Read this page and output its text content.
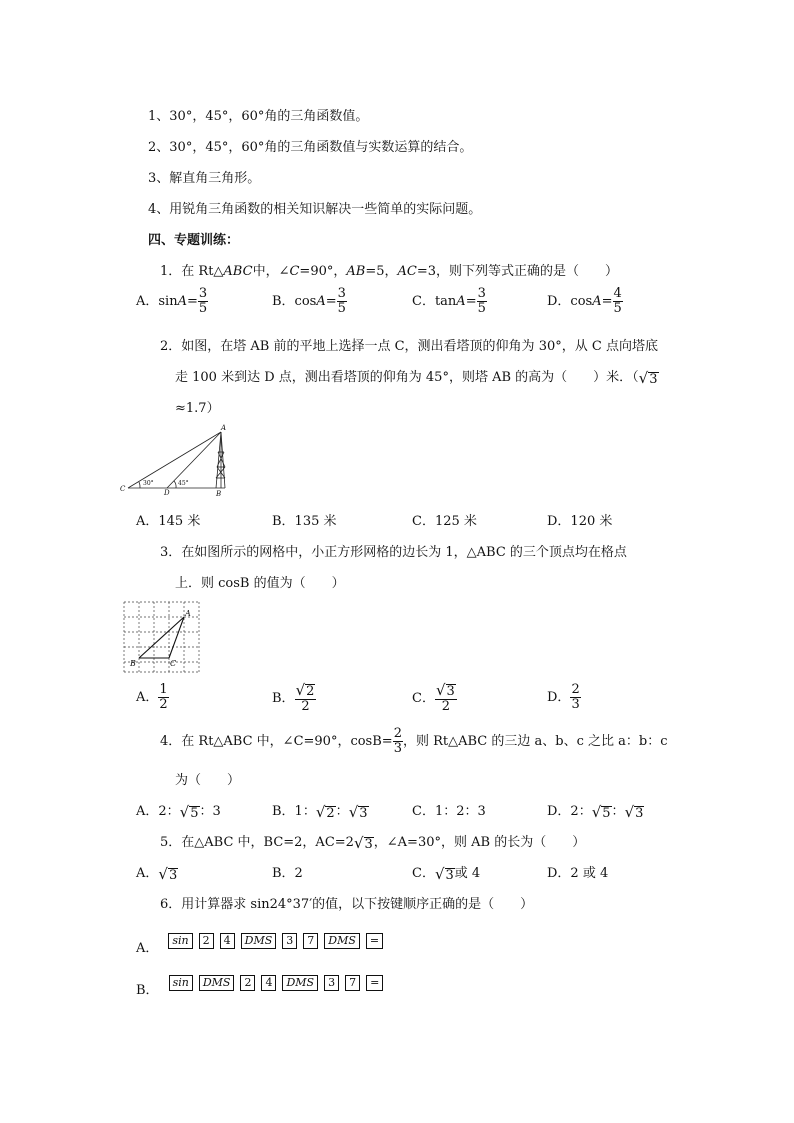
1、30°，45°，60°角的三角函数值。
2、30°，45°，60°角的三角函数值与实数运算的结合。
3、解直角三角形。
4、用锐角三角函数的相关知识解决一些简单的实际问题。
四、专题训练：
1．在 Rt△ABC中，∠C=90°，AB=5，AC=3，则下列等式正确的是（　　）
A．$\sin A= \frac{3}{5}$	B．$\cos A= \frac{3}{5}$	C．$\tan A= \frac{3}{5}$	D．$\cos A= \frac{4}{5}$
2．如图，在塔 AB 前的平地上选择一点 C，测出看塔顶的仰角为 30°，从 C 点向塔底
走 100 米到达 D 点，测出看塔顶的仰角为 45°，则塔 AB 的高为（　　）米．（√3
≈1.7）
A
B
C	D
30°	45°
A．145 米	B．135 米	C．125 米	D．120 米
3．在如图所示的网格中，小正方形网格的边长为 1，△ABC 的三个顶点均在格点
上．则 cosB 的值为（　　）
A
B	C
A． $\frac{1}{2}$	B． $\frac{√2}{2}$	C． $\frac{√3}{2}$	D． $\frac{2}{3}$
4．在 Rt△ABC 中，∠C=90°，$\cos B= \frac{2}{3}$ ，则 Rt△ABC 的三边 a、b、c 之比 a：b：c
为（　　）
A．2：√5：3	B．1：√2：√3	C．1：2：3	D．2：√5：√3
5．在△ABC 中，BC=2，AC=2√3，∠A=30°，则 AB 的长为（　　）
A．√3	B．2	C．√3或 4	D．2 或 4
6．用计算器求 sin24°37′的值，以下按键顺序正确的是（　　）
A．sin 2 4 DMS 3 7 DMS =
B．sin DMS 2 4 DMS 3 7 =
